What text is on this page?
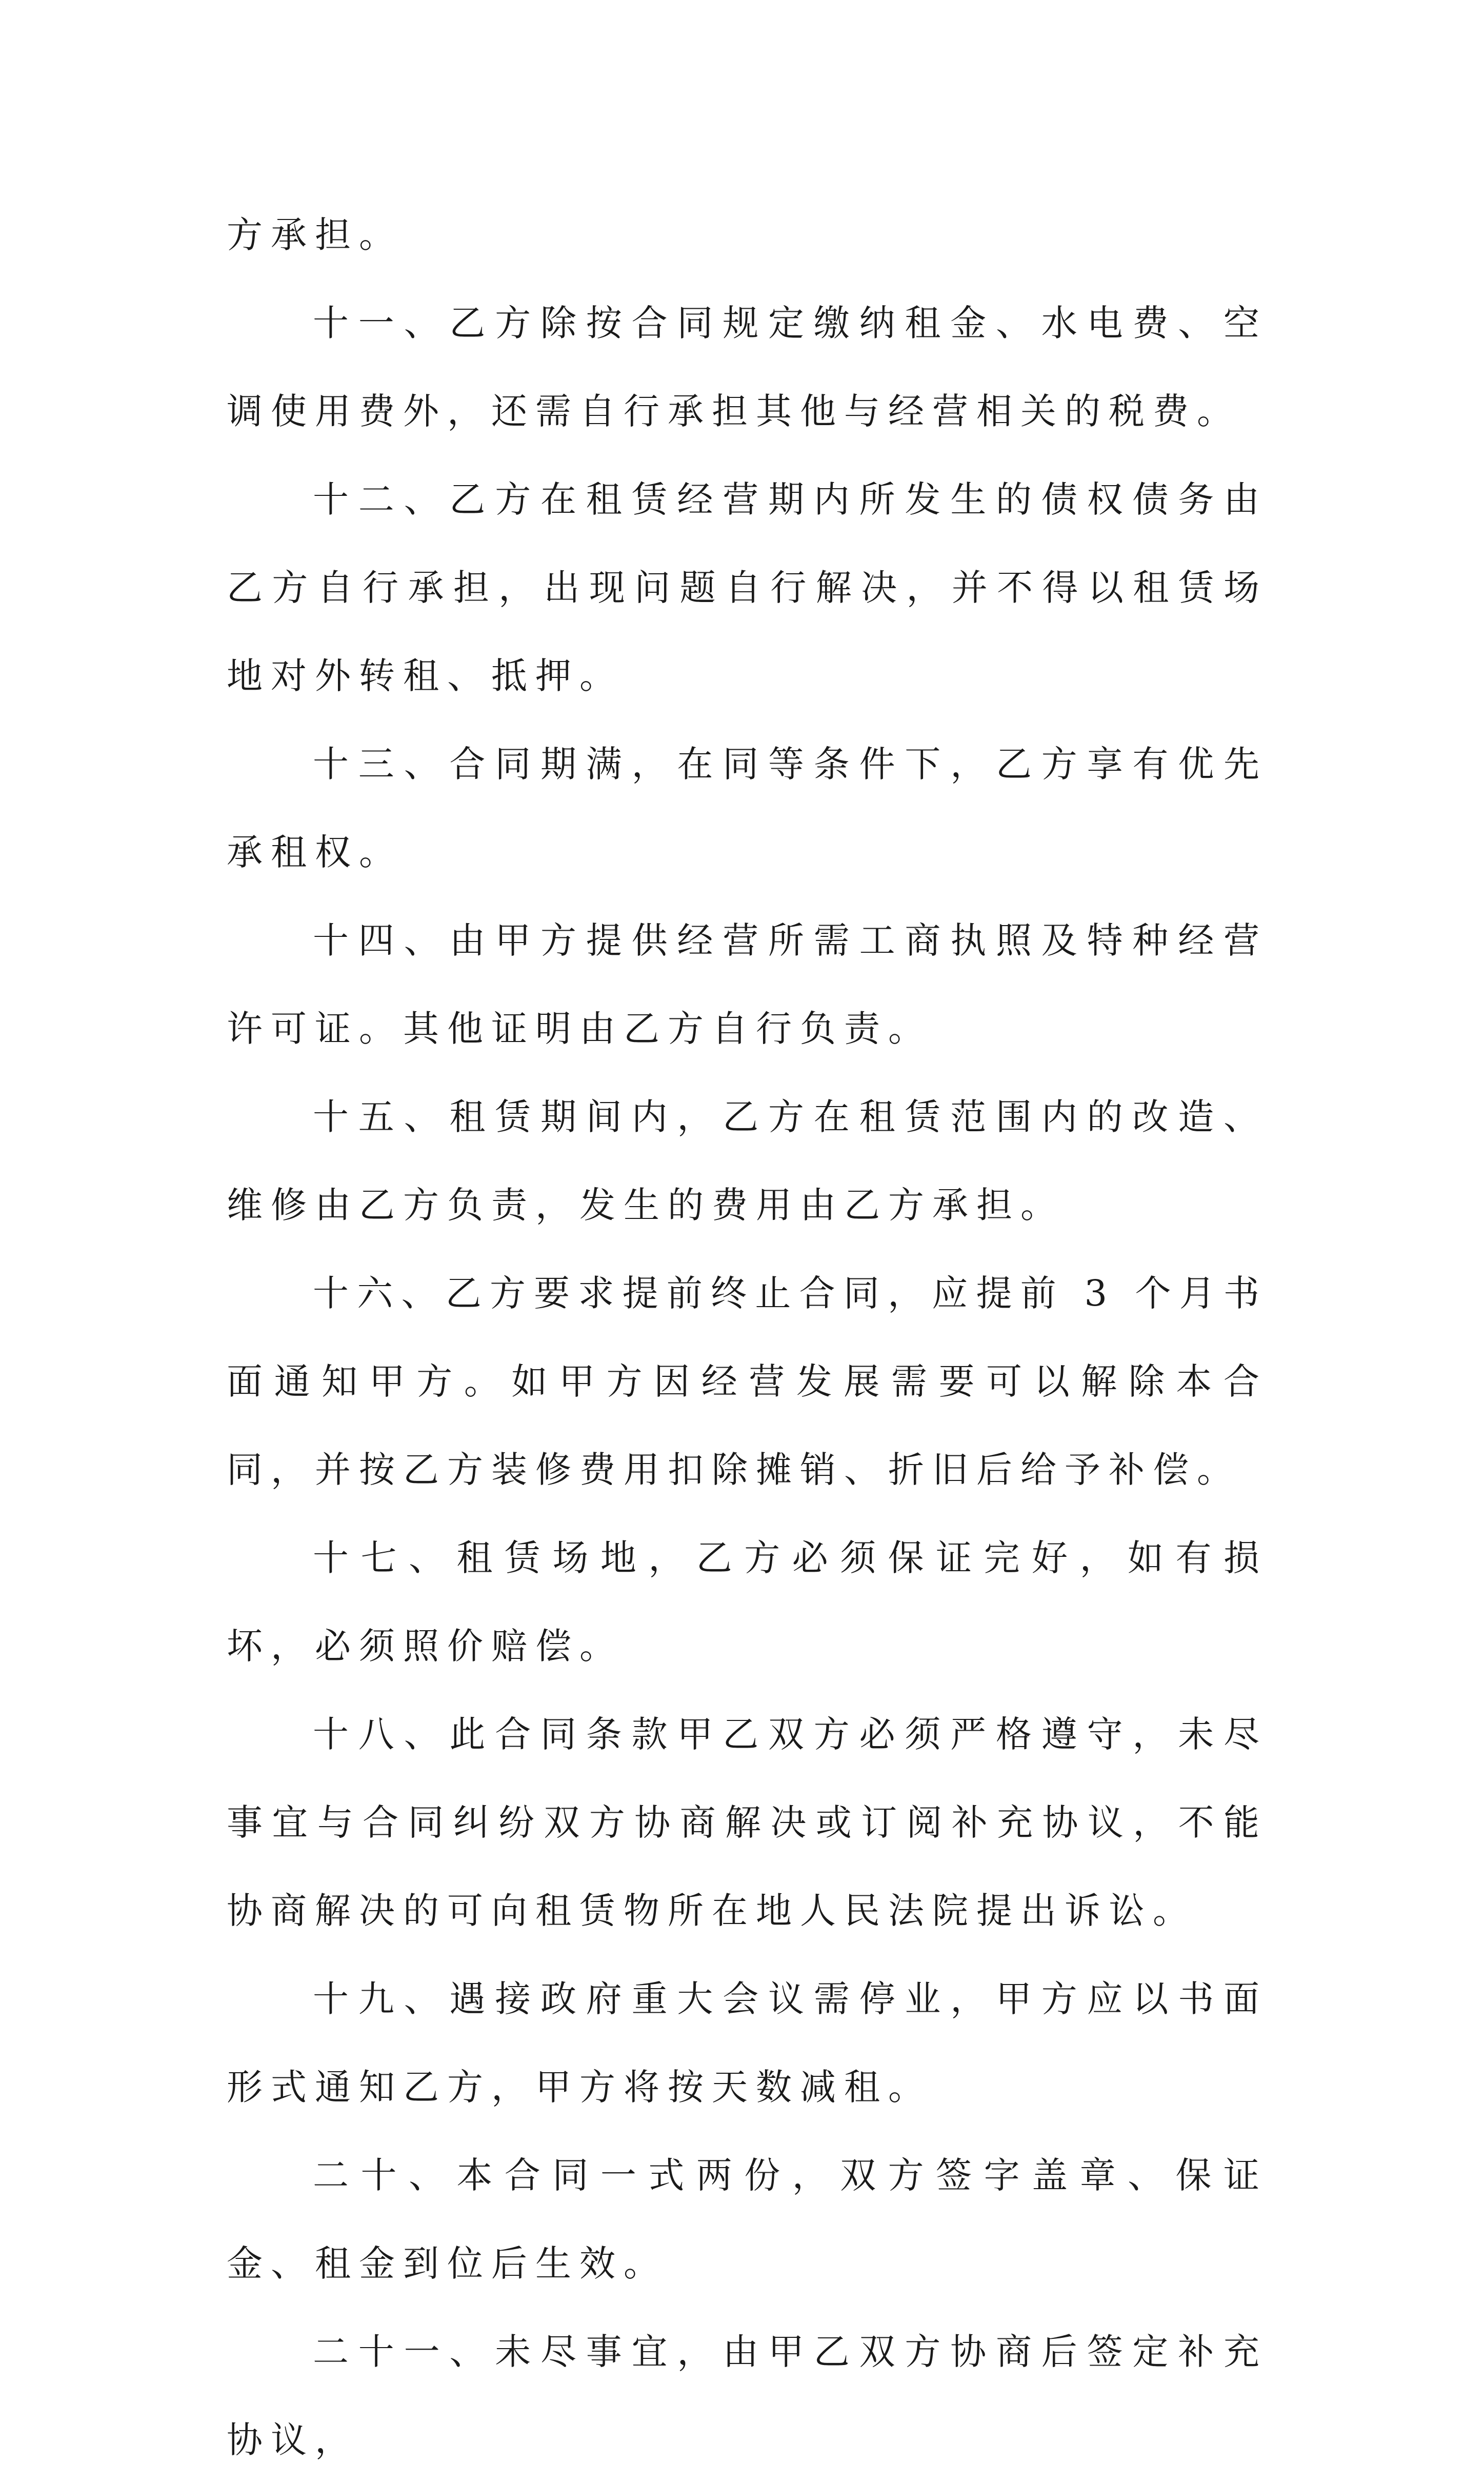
方承担。

十一、乙方除按合同规定缴纳租金、水电费、空调使用费外，还需自行承担其他与经营相关的税费。

十二、乙方在租赁经营期内所发生的债权债务由乙方自行承担，出现问题自行解决，并不得以租赁场地对外转租、抵押。

十三、合同期满，在同等条件下，乙方享有优先承租权。

十四、由甲方提供经营所需工商执照及特种经营许可证。其他证明由乙方自行负责。

十五、租赁期间内，乙方在租赁范围内的改造、维修由乙方负责，发生的费用由乙方承担。

十六、乙方要求提前终止合同，应提前 3 个月书面通知甲方。如甲方因经营发展需要可以解除本合同，并按乙方装修费用扣除摊销、折旧后给予补偿。

十七、租赁场地，乙方必须保证完好，如有损坏，必须照价赔偿。

十八、此合同条款甲乙双方必须严格遵守，未尽事宜与合同纠纷双方协商解决或订阅补充协议，不能协商解决的可向租赁物所在地人民法院提出诉讼。

十九、遇接政府重大会议需停业，甲方应以书面形式通知乙方，甲方将按天数减租。

二十、本合同一式两份，双方签字盖章、保证金、租金到位后生效。

二十一、未尽事宜，由甲乙双方协商后签定补充协议，
